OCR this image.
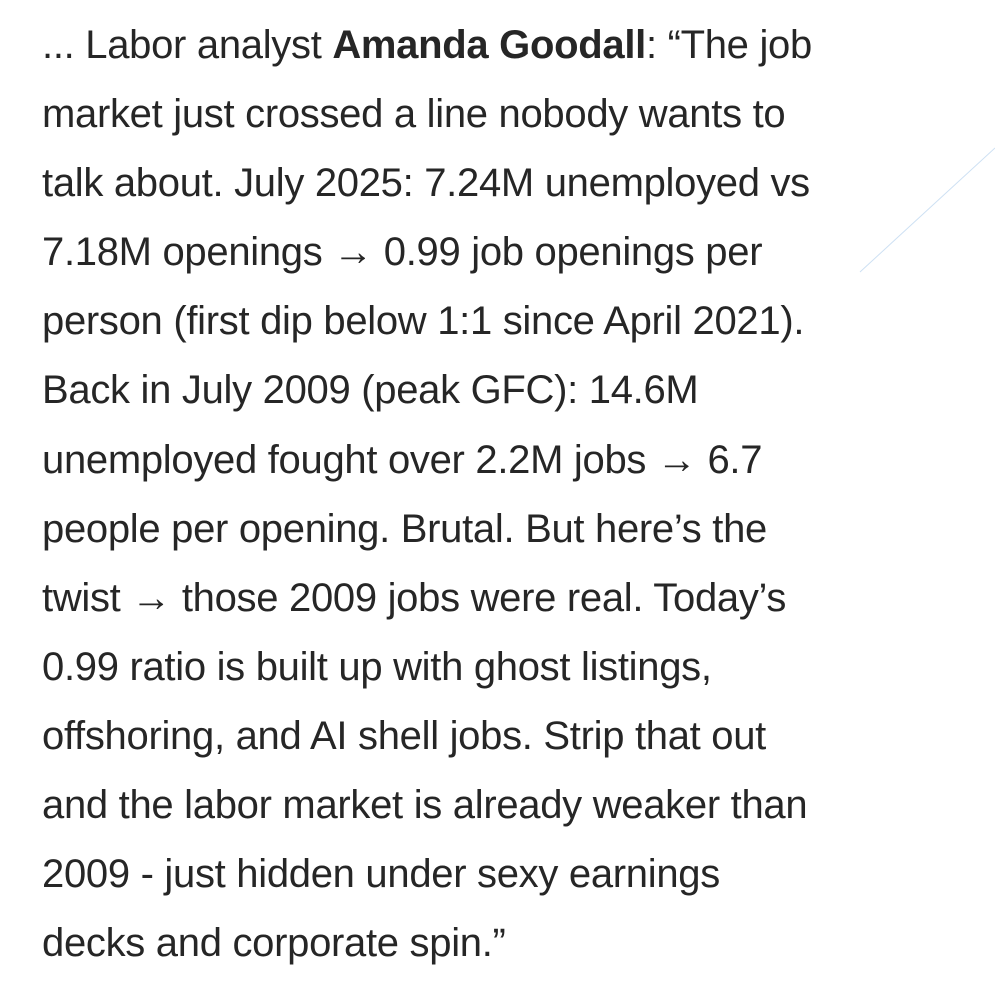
... Labor analyst Amanda Goodall: “The job
market just crossed a line nobody wants to
talk about. July 2025: 7.24M unemployed vs
7.18M openings → 0.99 job openings per
person (first dip below 1:1 since April 2021).
Back in July 2009 (peak GFC): 14.6M
unemployed fought over 2.2M jobs → 6.7
people per opening. Brutal. But here’s the
twist → those 2009 jobs were real. Today’s
0.99 ratio is built up with ghost listings,
offshoring, and AI shell jobs. Strip that out
and the labor market is already weaker than
2009 - just hidden under sexy earnings
decks and corporate spin.”
